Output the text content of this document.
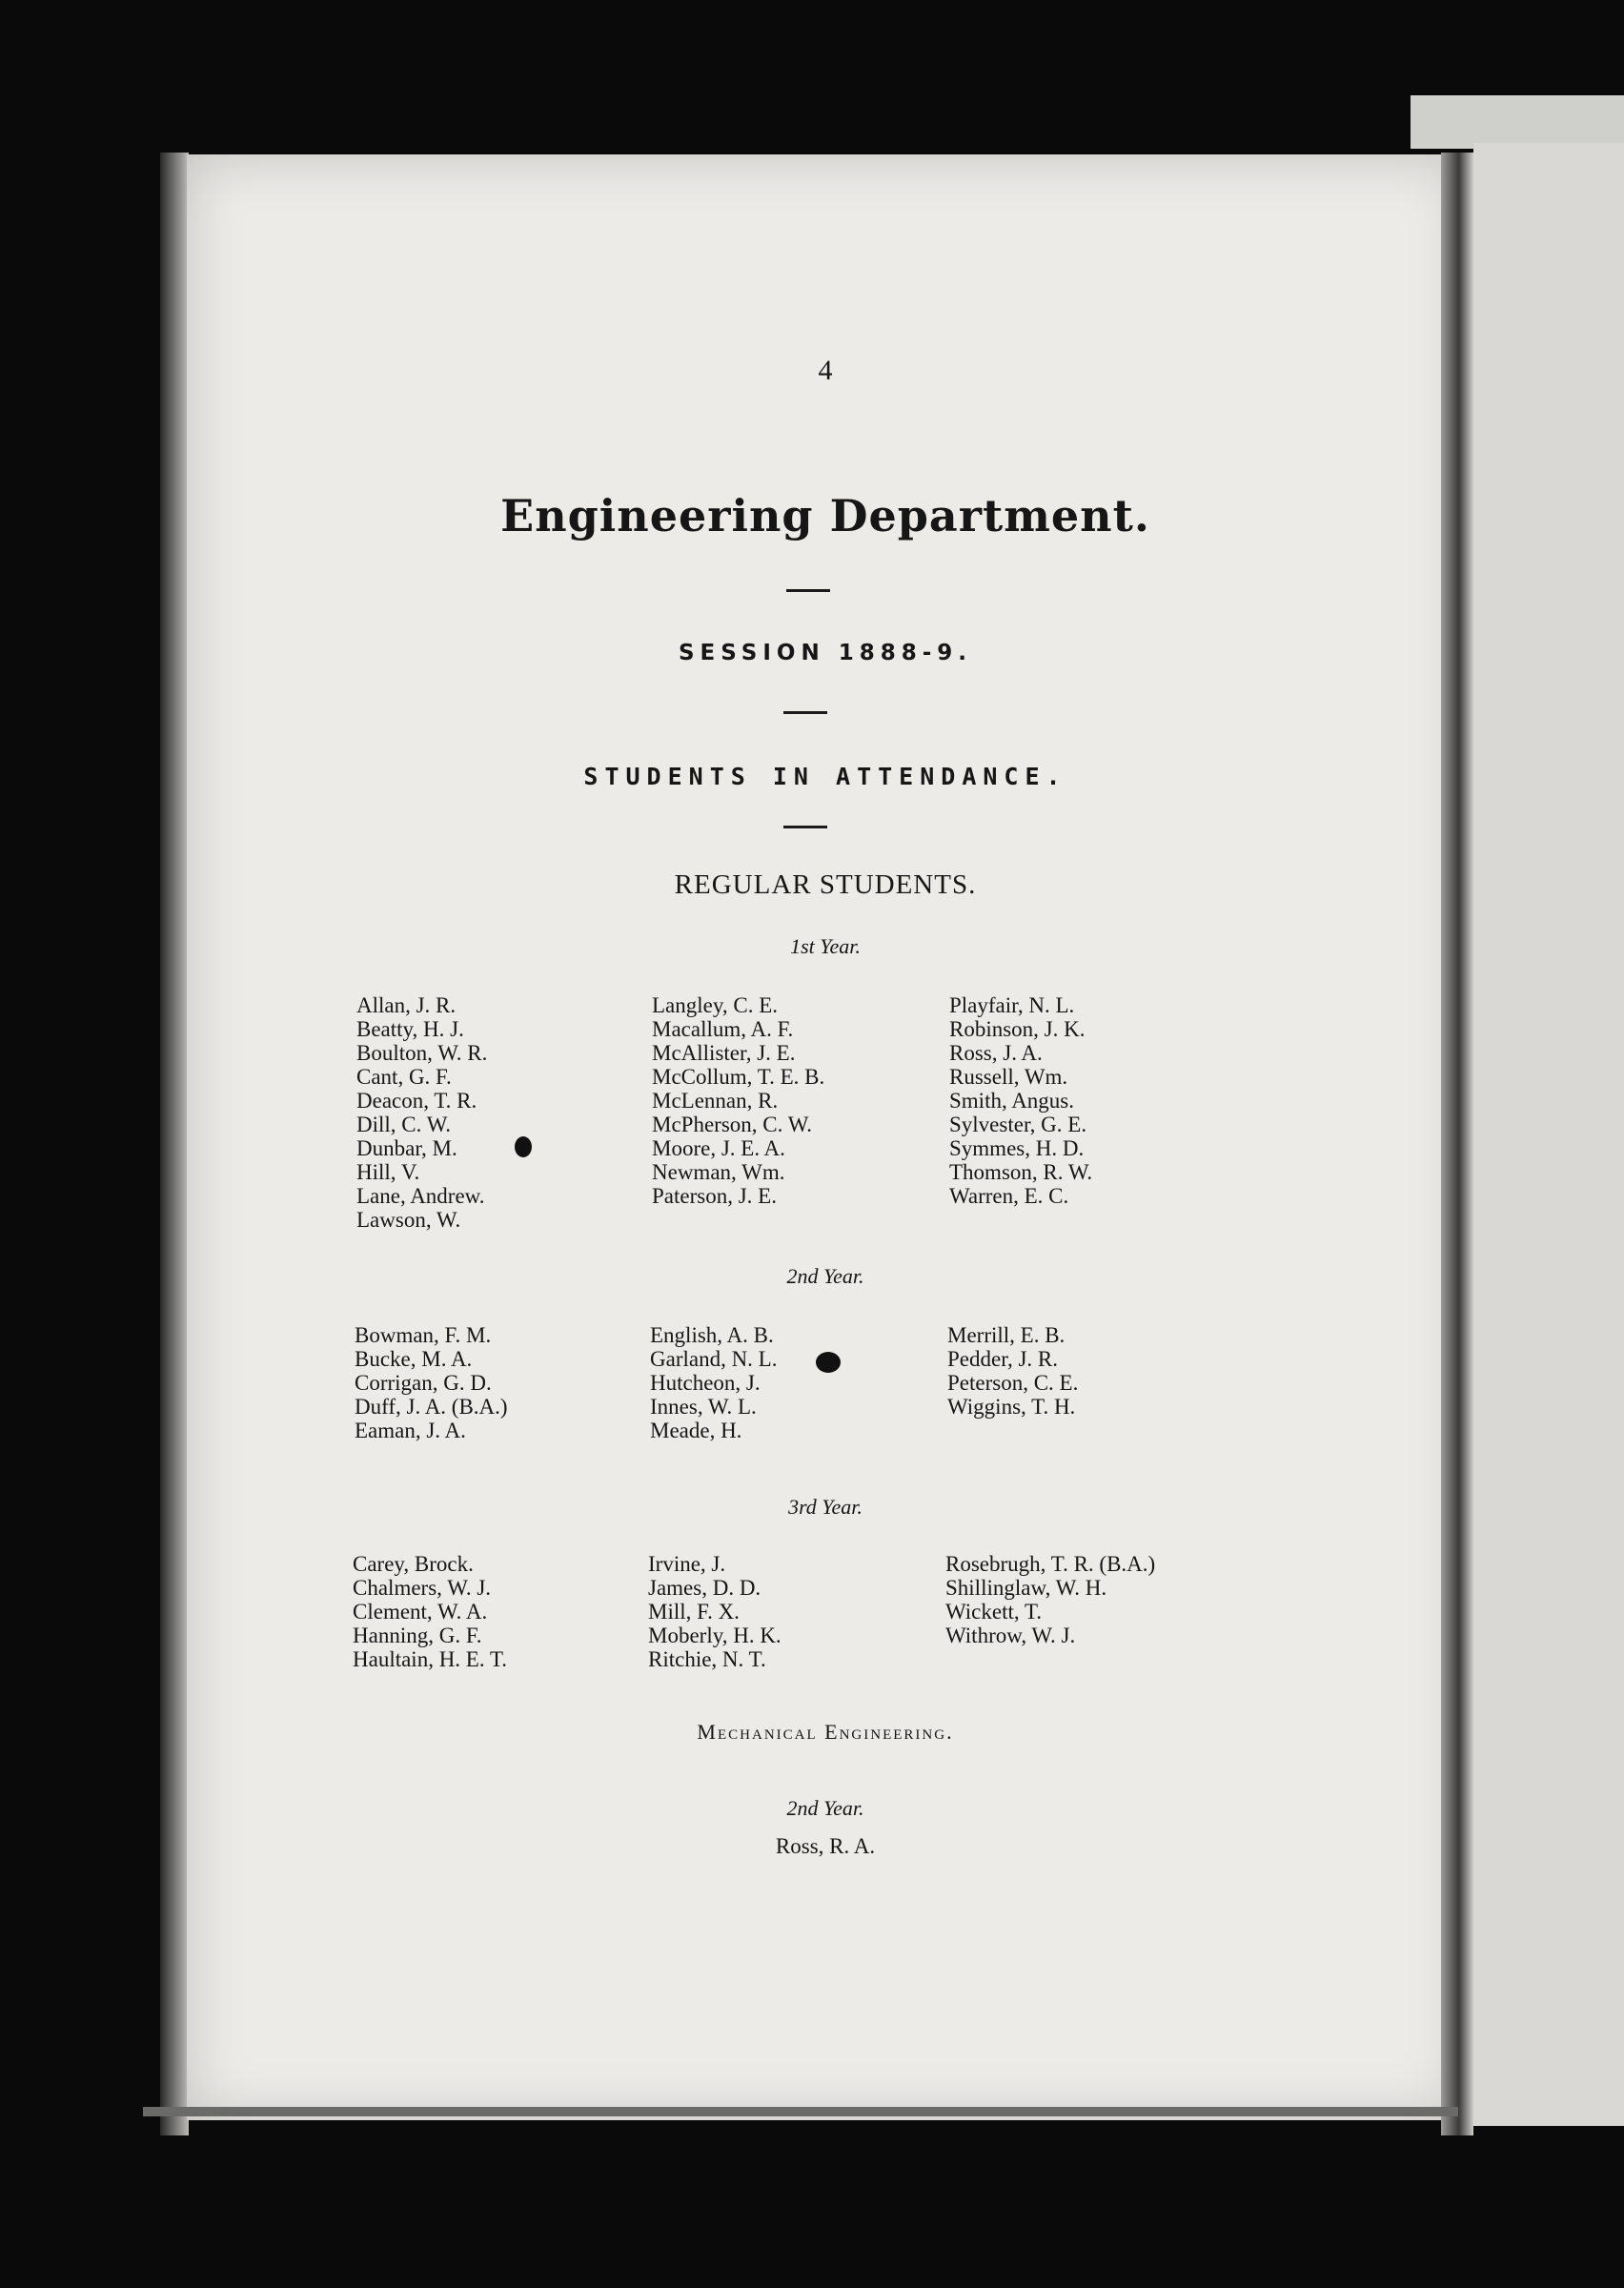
4
Engineering Department.
SESSION 1888-9.
STUDENTS IN ATTENDANCE.
REGULAR STUDENTS.
1st Year.
Allan, J. R.
Beatty, H. J.
Boulton, W. R.
Cant, G. F.
Deacon, T. R.
Dill, C. W.
Dunbar, M.
Hill, V.
Lane, Andrew.
Lawson, W.
Langley, C. E.
Macallum, A. F.
McAllister, J. E.
McCollum, T. E. B.
McLennan, R.
McPherson, C. W.
Moore, J. E. A.
Newman, Wm.
Paterson, J. E.
Playfair, N. L.
Robinson, J. K.
Ross, J. A.
Russell, Wm.
Smith, Angus.
Sylvester, G. E.
Symmes, H. D.
Thomson, R. W.
Warren, E. C.
2nd Year.
Bowman, F. M.
Bucke, M. A.
Corrigan, G. D.
Duff, J. A. (B.A.)
Eaman, J. A.
English, A. B.
Garland, N. L.
Hutcheon, J.
Innes, W. L.
Meade, H.
Merrill, E. B.
Pedder, J. R.
Peterson, C. E.
Wiggins, T. H.
3rd Year.
Carey, Brock.
Chalmers, W. J.
Clement, W. A.
Hanning, G. F.
Haultain, H. E. T.
Irvine, J.
James, D. D.
Mill, F. X.
Moberly, H. K.
Ritchie, N. T.
Rosebrugh, T. R. (B.A.)
Shillinglaw, W. H.
Wickett, T.
Withrow, W. J.
Mechanical Engineering.
2nd Year.
Ross, R. A.
